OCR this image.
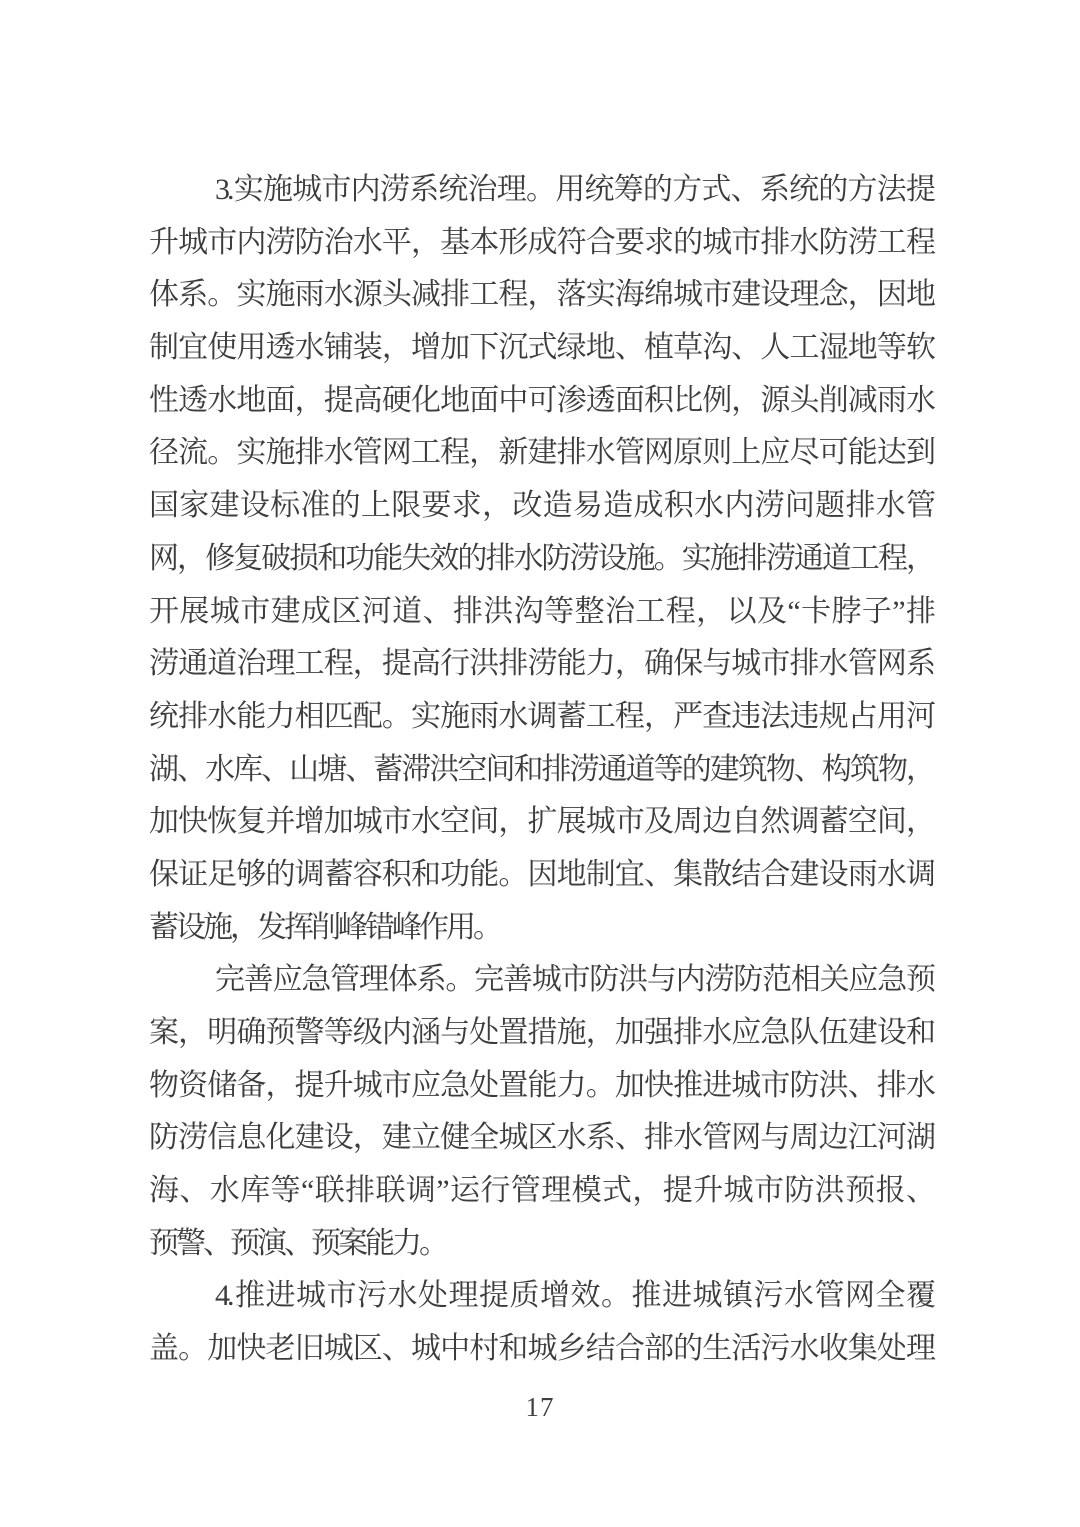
3.实施城市内涝系统治理。用统筹的方式、系统的方法提
升城市内涝防治水平，基本形成符合要求的城市排水防涝工程
体系。实施雨水源头减排工程，落实海绵城市建设理念，因地
制宜使用透水铺装，增加下沉式绿地、植草沟、人工湿地等软
性透水地面，提高硬化地面中可渗透面积比例，源头削减雨水
径流。实施排水管网工程，新建排水管网原则上应尽可能达到
国家建设标准的上限要求，改造易造成积水内涝问题排水管
网，修复破损和功能失效的排水防涝设施。实施排涝通道工程，
开展城市建成区河道、排洪沟等整治工程，以及“卡脖子”排
涝通道治理工程，提高行洪排涝能力，确保与城市排水管网系
统排水能力相匹配。实施雨水调蓄工程，严查违法违规占用河
湖、水库、山塘、蓄滞洪空间和排涝通道等的建筑物、构筑物，
加快恢复并增加城市水空间，扩展城市及周边自然调蓄空间，
保证足够的调蓄容积和功能。因地制宜、集散结合建设雨水调
蓄设施，发挥削峰错峰作用。
完善应急管理体系。完善城市防洪与内涝防范相关应急预
案，明确预警等级内涵与处置措施，加强排水应急队伍建设和
物资储备，提升城市应急处置能力。加快推进城市防洪、排水
防涝信息化建设，建立健全城区水系、排水管网与周边江河湖
海、水库等“联排联调”运行管理模式，提升城市防洪预报、
预警、预演、预案能力。
4.推进城市污水处理提质增效。推进城镇污水管网全覆
盖。加快老旧城区、城中村和城乡结合部的生活污水收集处理
17
